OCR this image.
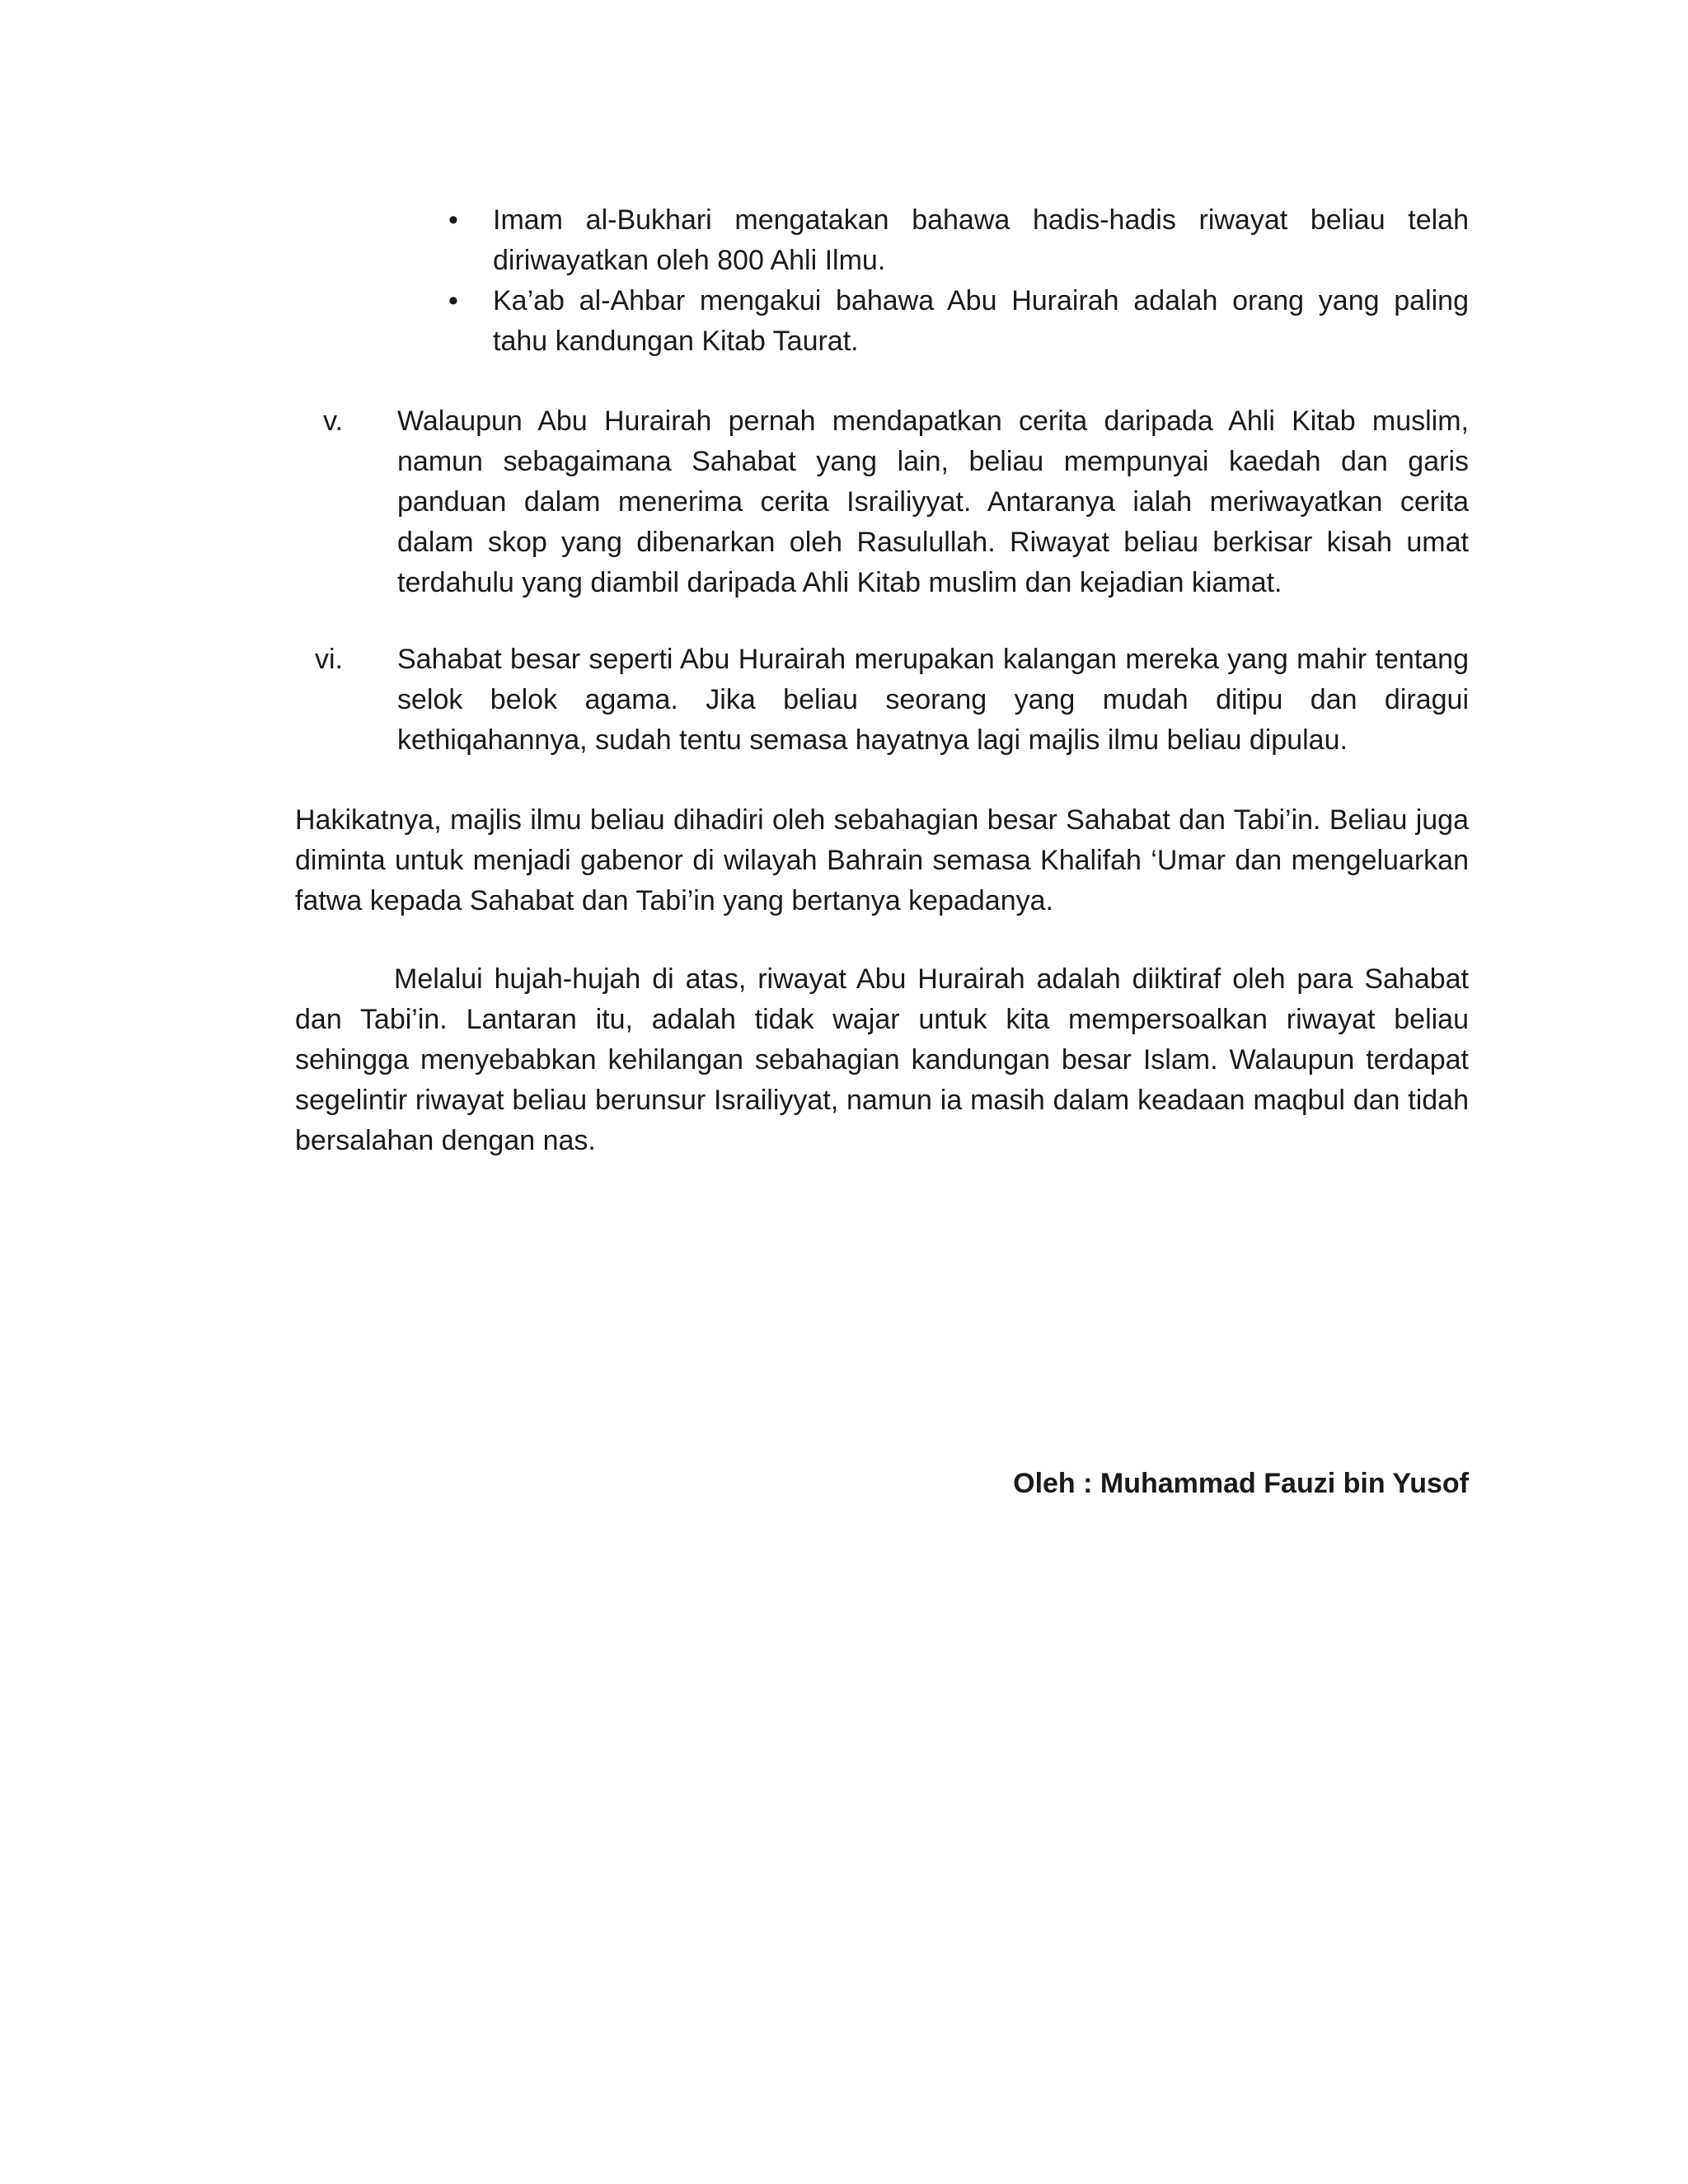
• Imam al-Bukhari mengatakan bahawa hadis-hadis riwayat beliau telah diriwayatkan oleh 800 Ahli Ilmu.
• Ka’ab al-Ahbar mengakui bahawa Abu Hurairah adalah orang yang paling tahu kandungan Kitab Taurat.
v. Walaupun Abu Hurairah pernah mendapatkan cerita daripada Ahli Kitab muslim, namun sebagaimana Sahabat yang lain, beliau mempunyai kaedah dan garis panduan dalam menerima cerita Israiliyyat. Antaranya ialah meriwayatkan cerita dalam skop yang dibenarkan oleh Rasulullah. Riwayat beliau berkisar kisah umat terdahulu yang diambil daripada Ahli Kitab muslim dan kejadian kiamat.
vi. Sahabat besar seperti Abu Hurairah merupakan kalangan mereka yang mahir tentang selok belok agama. Jika beliau seorang yang mudah ditipu dan diragui kethiqahannya, sudah tentu semasa hayatnya lagi majlis ilmu beliau dipulau.

Hakikatnya, majlis ilmu beliau dihadiri oleh sebahagian besar Sahabat dan Tabi’in. Beliau juga diminta untuk menjadi gabenor di wilayah Bahrain semasa Khalifah ‘Umar dan mengeluarkan fatwa kepada Sahabat dan Tabi’in yang bertanya kepadanya.

Melalui hujah-hujah di atas, riwayat Abu Hurairah adalah diiktiraf oleh para Sahabat dan Tabi’in. Lantaran itu, adalah tidak wajar untuk kita mempersoalkan riwayat beliau sehingga menyebabkan kehilangan sebahagian kandungan besar Islam. Walaupun terdapat segelintir riwayat beliau berunsur Israiliyyat, namun ia masih dalam keadaan maqbul dan tidah bersalahan dengan nas.

Oleh : Muhammad Fauzi bin Yusof
